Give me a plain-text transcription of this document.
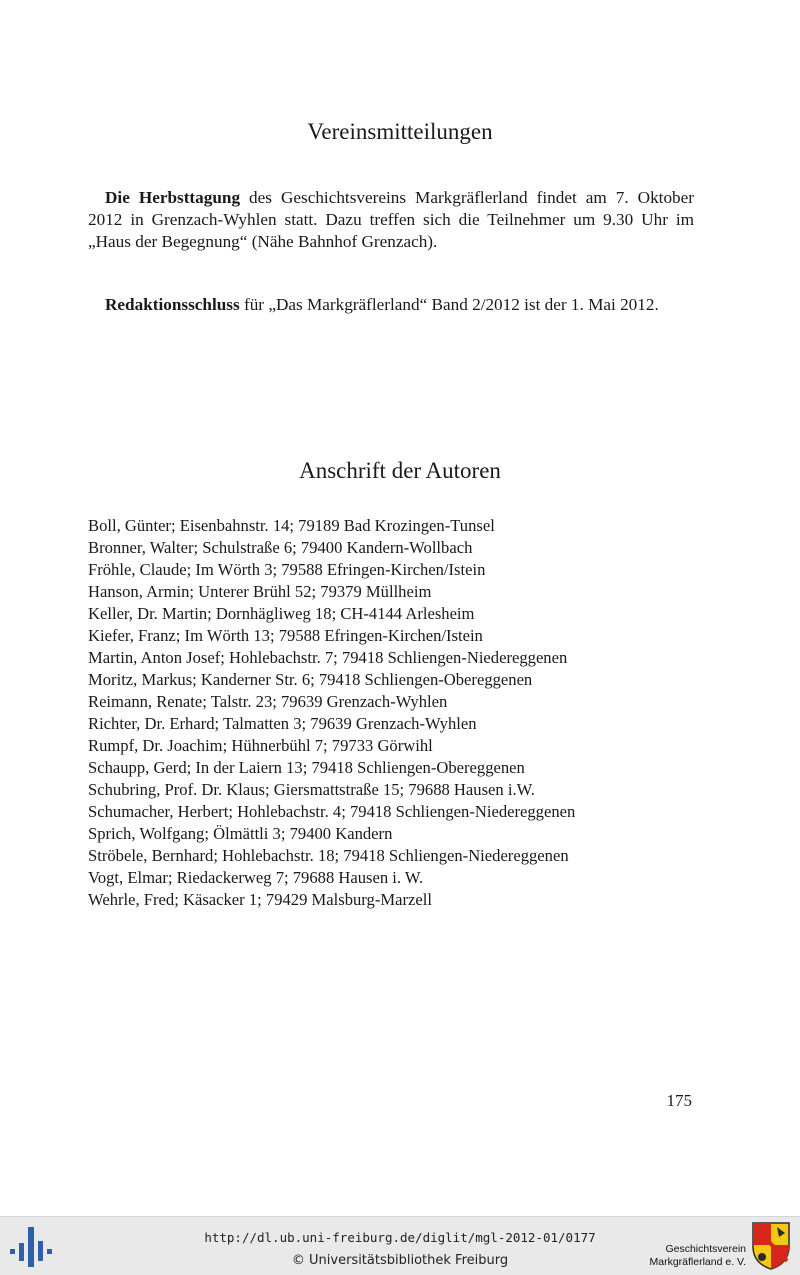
Vereinsmitteilungen

Die Herbsttagung des Geschichtsvereins Markgräflerland findet am 7. Oktober 2012 in Grenzach-Wyhlen statt. Dazu treffen sich die Teilnehmer um 9.30 Uhr im „Haus der Begegnung“ (Nähe Bahnhof Grenzach).

Redaktionsschluss für „Das Markgräflerland“ Band 2/2012 ist der 1. Mai 2012.

Anschrift der Autoren
Boll, Günter; Eisenbahnstr. 14; 79189 Bad Krozingen-Tunsel
Bronner, Walter; Schulstraße 6; 79400 Kandern-Wollbach
Fröhle, Claude; Im Wörth 3; 79588 Efringen-Kirchen/Istein
Hanson, Armin; Unterer Brühl 52; 79379 Müllheim
Keller, Dr. Martin; Dornhägliweg 18; CH-4144 Arlesheim
Kiefer, Franz; Im Wörth 13; 79588 Efringen-Kirchen/Istein
Martin, Anton Josef; Hohlebachstr. 7; 79418 Schliengen-Niedereggenen
Moritz, Markus; Kanderner Str. 6; 79418 Schliengen-Obereggenen
Reimann, Renate; Talstr. 23; 79639 Grenzach-Wyhlen
Richter, Dr. Erhard; Talmatten 3; 79639 Grenzach-Wyhlen
Rumpf, Dr. Joachim; Hühnerbühl 7; 79733 Görwihl
Schaupp, Gerd; In der Laiern 13; 79418 Schliengen-Obereggenen
Schubring, Prof. Dr. Klaus; Giersmattstraße 15; 79688 Hausen i.W.
Schumacher, Herbert; Hohlebachstr. 4; 79418 Schliengen-Niedereggenen
Sprich, Wolfgang; Ölmättli 3; 79400 Kandern
Ströbele, Bernhard; Hohlebachstr. 18; 79418 Schliengen-Niedereggenen
Vogt, Elmar; Riedackerweg 7; 79688 Hausen i. W.
Wehrle, Fred; Käsacker 1; 79429 Malsburg-Marzell
175
http://dl.ub.uni-freiburg.de/diglit/mgl-2012-01/0177
© Universitätsbibliothek Freiburg
Geschichtsverein
Markgräflerland e. V.
